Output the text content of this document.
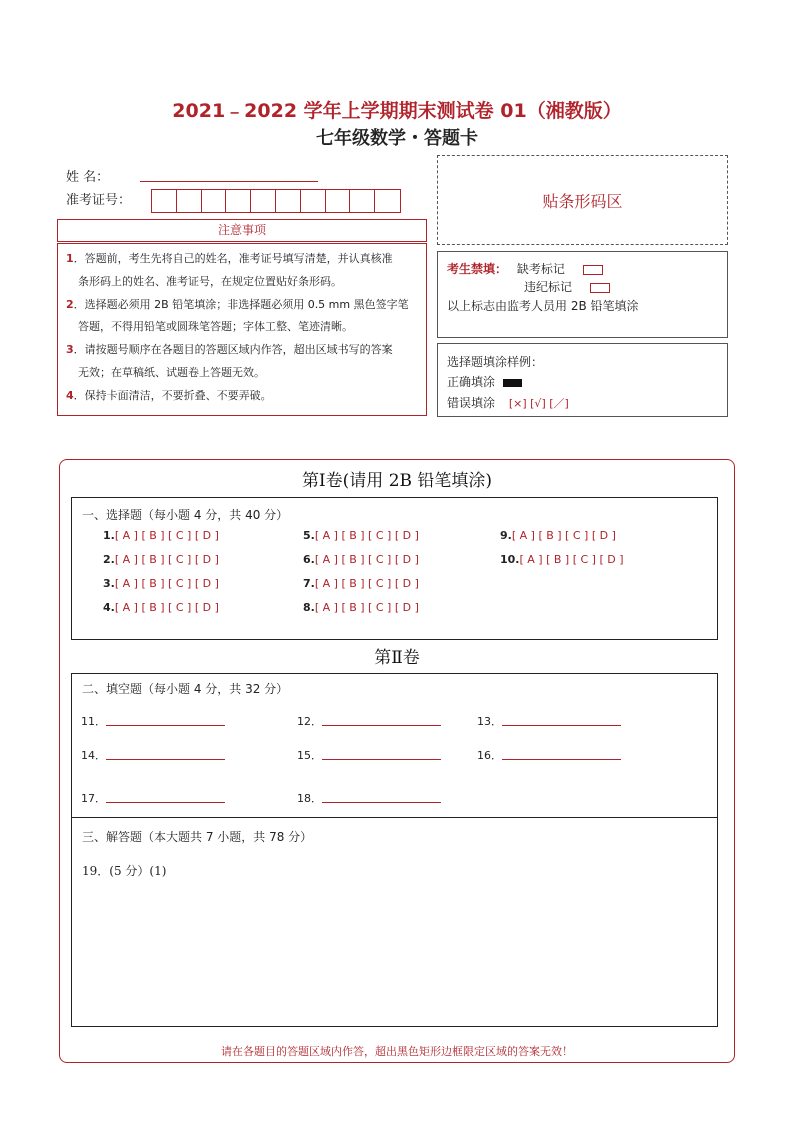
2021﹣2022 学年上学期期末测试卷 01（湘教版）
七年级数学・答题卡
姓 名：
准考证号：	贴条形码区
注意事项
1．答题前，考生先将自己的姓名，准考证号填写清楚，并认真核准
条形码上的姓名、准考证号，在规定位置贴好条形码。
2．选择题必须用 2B 铅笔填涂；非选择题必须用 0.5 mm 黑色签字笔
答题，不得用铅笔或圆珠笔答题；字体工整、笔迹清晰。
3．请按题号顺序在各题目的答题区域内作答，超出区域书写的答案
无效；在草稿纸、试题卷上答题无效。
4．保持卡面清洁，不要折叠、不要弄破。
考生禁填： 缺考标记
违纪标记
以上标志由监考人员用 2B 铅笔填涂
选择题填涂样例：
正确填涂
错误填涂 [×] [√] [／]
第Ⅰ卷(请用 2B 铅笔填涂)
一、选择题（每小题 4 分，共 40 分）
1.[ A ] [ B ] [ C ] [ D ]
2.[ A ] [ B ] [ C ] [ D ]
3.[ A ] [ B ] [ C ] [ D ]
4.[ A ] [ B ] [ C ] [ D ]
5.[ A ] [ B ] [ C ] [ D ]
6.[ A ] [ B ] [ C ] [ D ]
7.[ A ] [ B ] [ C ] [ D ]
8.[ A ] [ B ] [ C ] [ D ]
9.[ A ] [ B ] [ C ] [ D ]
10.[ A ] [ B ] [ C ] [ D ]
第Ⅱ卷
二、填空题（每小题 4 分，共 32 分）
11．	12．	13．
14．	15．	16．
17．	18．
三、解答题（本大题共 7 小题，共 78 分）
19．(5 分）(1)
请在各题目的答题区域内作答，超出黑色矩形边框限定区域的答案无效！
